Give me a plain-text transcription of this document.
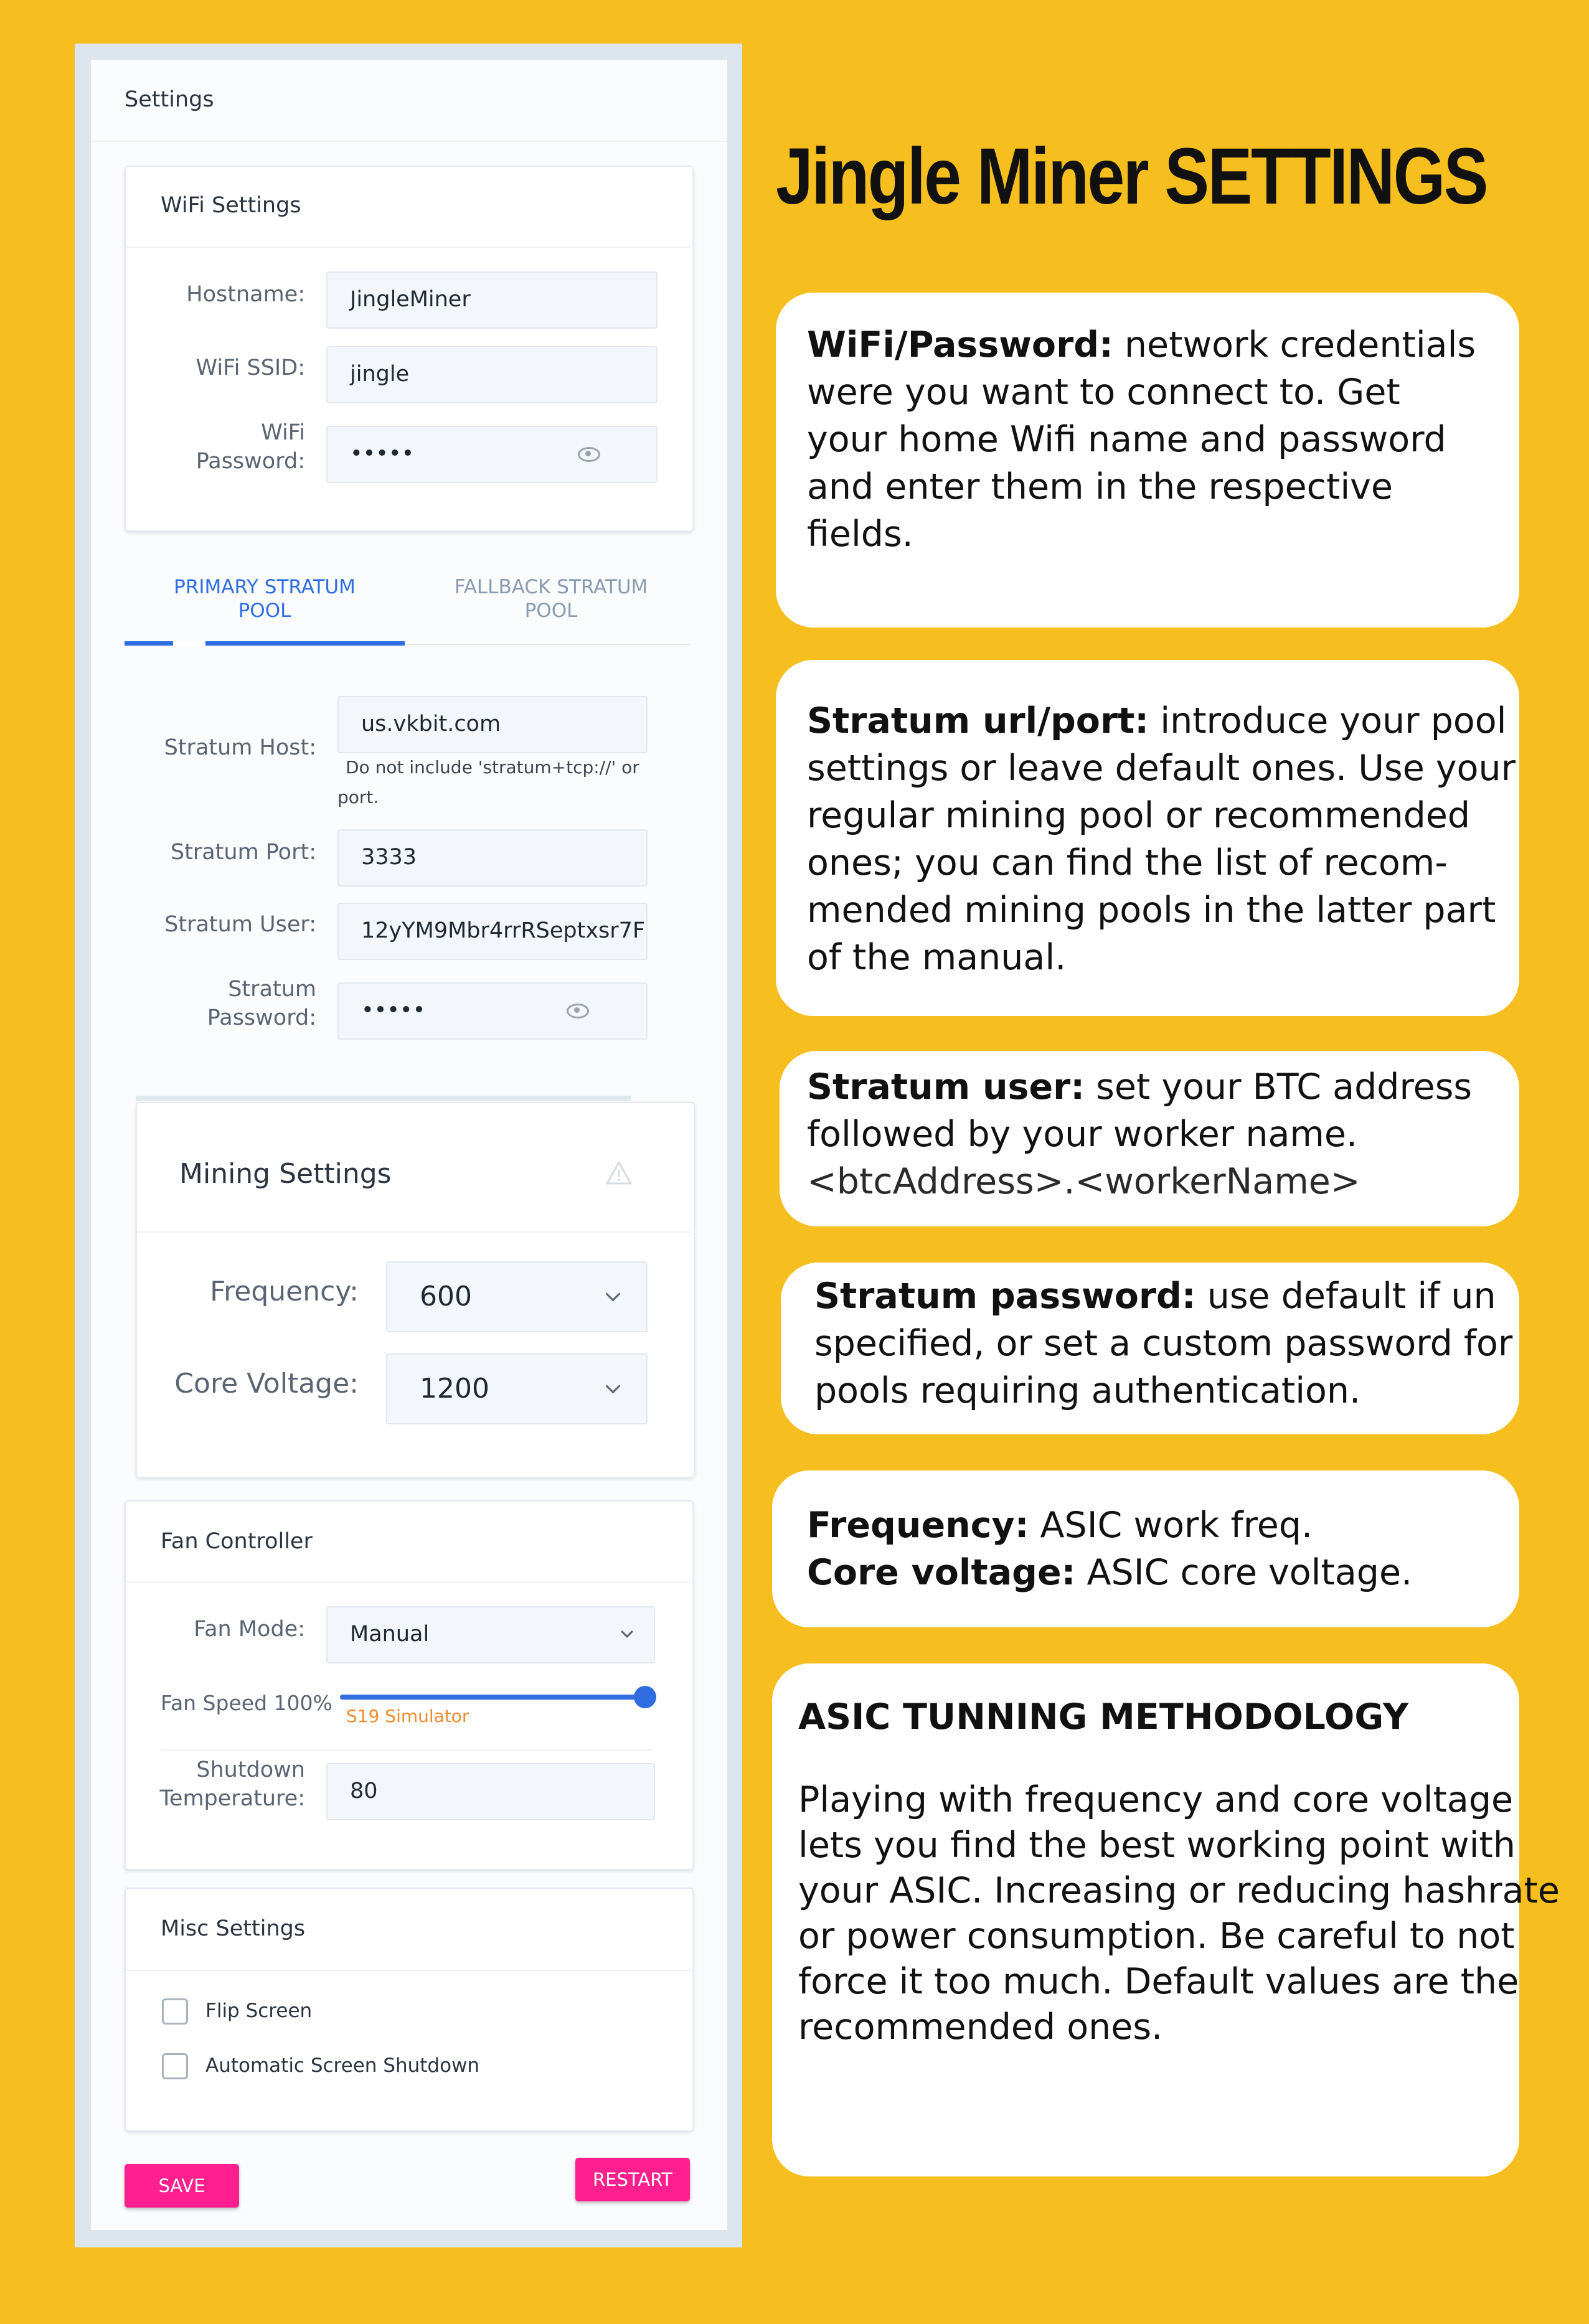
Settings
WiFi Settings
Hostname:	JingleMiner
WiFi SSID:	jingle
WiFi
Password:	•••••
PRIMARY STRATUM
POOL
FALLBACK STRATUM
POOL
Stratum Host:
us.vkbit.com
Do not include 'stratum+tcp://' or
port.
Stratum Port:	3333
Stratum User:	12yYM9Mbr4rrRSeptxsr7F
Stratum
Password:	•••••
Mining Settings
Frequency:	600
Core Voltage:	1200
Fan Controller
Fan Mode:	Manual
Fan Speed 100%
S19 Simulator
Shutdown
Temperature:	80
Misc Settings
Flip Screen
Automatic Screen Shutdown
SAVE	RESTART
Jingle Miner SETTINGS
WiFi/Password: network credentials
were you want to connect to. Get
your home Wifi name and password
and enter them in the respective
fields.
Stratum url/port: introduce your pool
settings or leave default ones. Use your
regular mining pool or recommended
ones; you can find the list of recom-
mended mining pools in the latter part
of the manual.
Stratum user: set your BTC address
followed by your worker name.
<btcAddress>.<workerName>
Stratum password: use default if un
specified, or set a custom password for
pools requiring authentication.
Frequency: ASIC work freq.
Core voltage: ASIC core voltage.
ASIC TUNNING METHODOLOGY
Playing with frequency and core voltage
lets you find the best working point with
your ASIC. Increasing or reducing hashrate
or power consumption. Be careful to not
force it too much. Default values are the
recommended ones.
